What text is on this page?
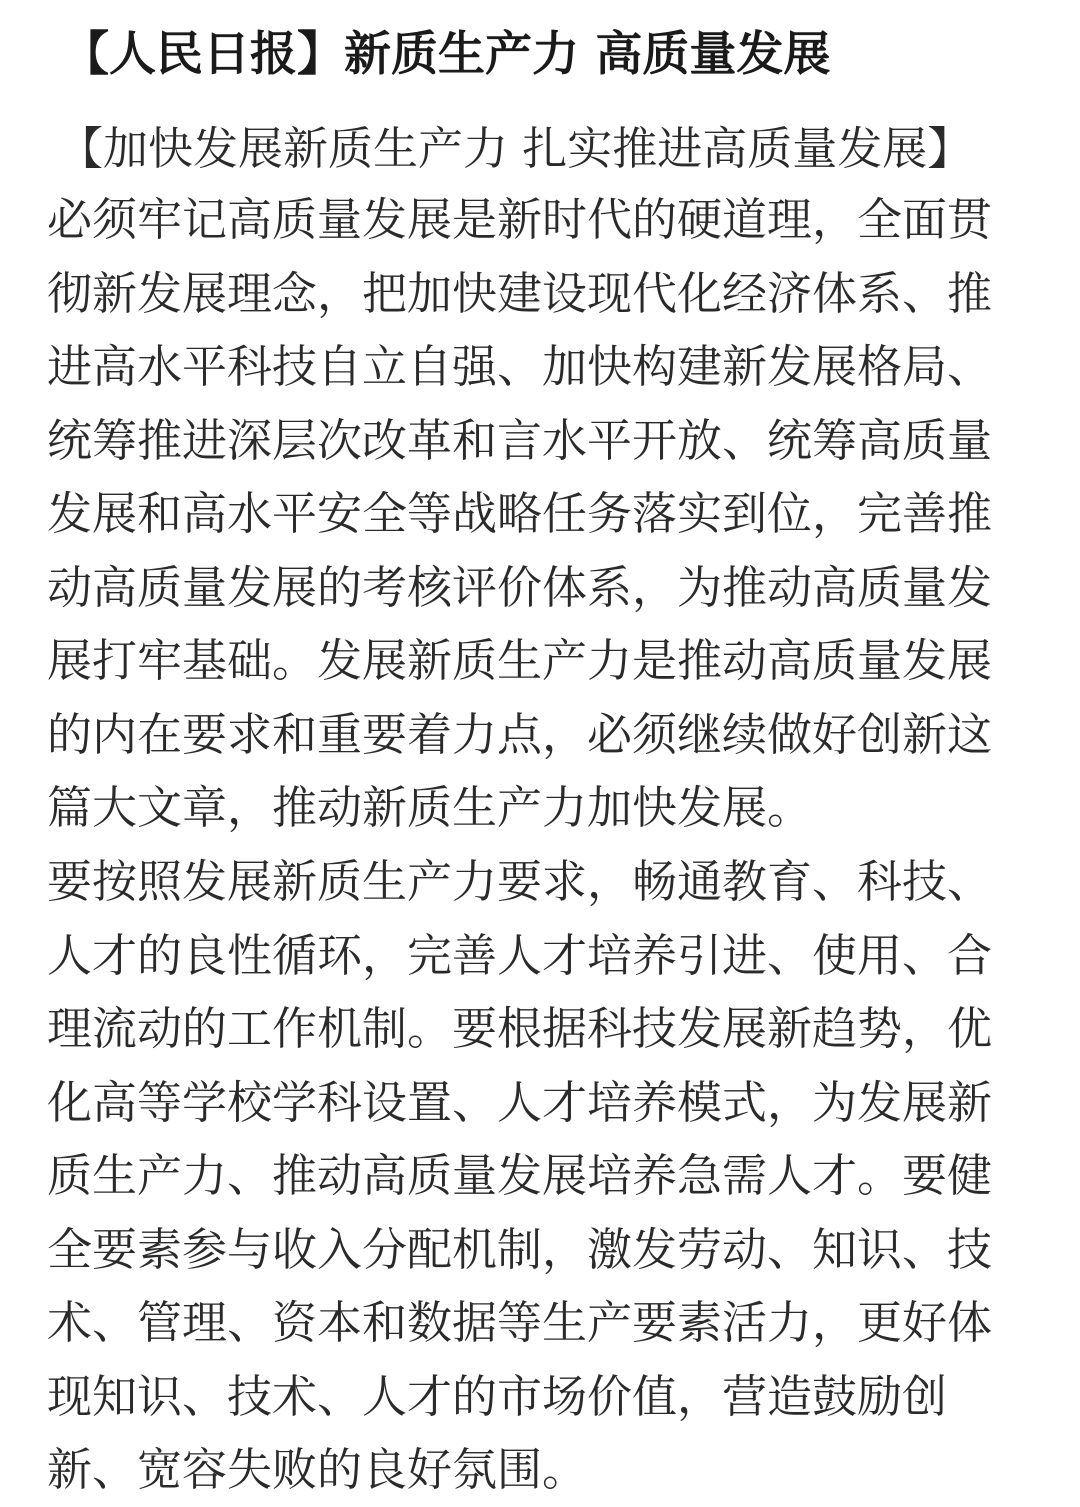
【人民日报】新质生产力 高质量发展
【加快发展新质生产力 扎实推进高质量发展】
必须牢记高质量发展是新时代的硬道理，全面贯
彻新发展理念，把加快建设现代化经济体系、推
进高水平科技自立自强、加快构建新发展格局、
统筹推进深层次改革和言水平开放、统筹高质量
发展和高水平安全等战略任务落实到位，完善推
动高质量发展的考核评价体系，为推动高质量发
展打牢基础。发展新质生产力是推动高质量发展
的内在要求和重要着力点，必须继续做好创新这
篇大文章，推动新质生产力加快发展。
要按照发展新质生产力要求，畅通教育、科技、
人才的良性循环，完善人才培养引进、使用、合
理流动的工作机制。要根据科技发展新趋势，优
化高等学校学科设置、人才培养模式，为发展新
质生产力、推动高质量发展培养急需人才。要健
全要素参与收入分配机制，激发劳动、知识、技
术、管理、资本和数据等生产要素活力，更好体
现知识、技术、人才的市场价值，营造鼓励创
新、宽容失败的良好氛围。
